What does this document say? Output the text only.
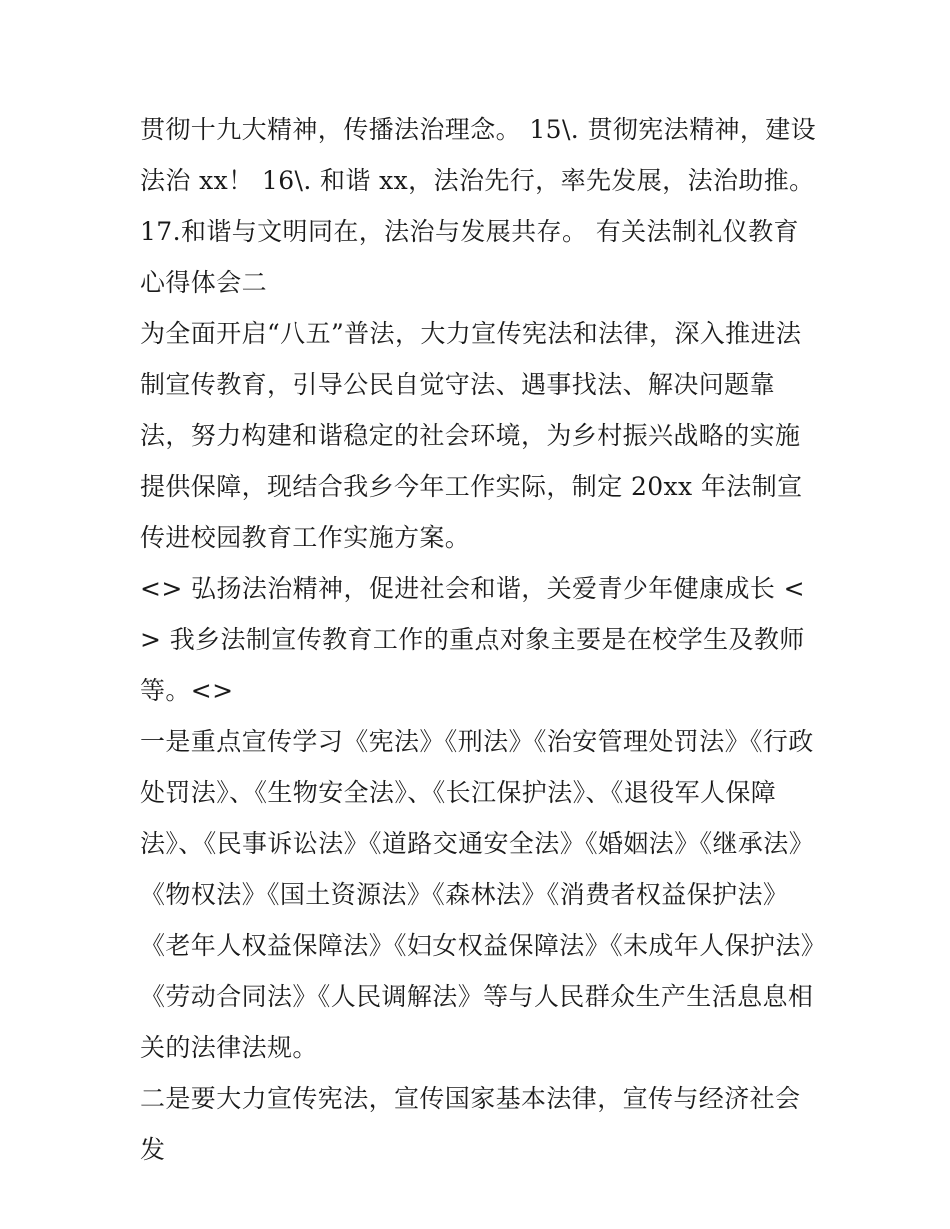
贯彻十九大精神，传播法治理念。 15\. 贯彻宪法精神，建设法治 xx！ 16\. 和谐 xx，法治先行，率先发展，法治助推。

17.和谐与文明同在，法治与发展共存。 有关法制礼仪教育心得体会二

为全面开启“八五”普法，大力宣传宪法和法律，深入推进法制宣传教育，引导公民自觉守法、遇事找法、解决问题靠法，努力构建和谐稳定的社会环境，为乡村振兴战略的实施提供保障，现结合我乡今年工作实际，制定 20xx 年法制宣传进校园教育工作实施方案。

<> 弘扬法治精神，促进社会和谐，关爱青少年健康成长 <> 我乡法制宣传教育工作的重点对象主要是在校学生及教师等。<>

一是重点宣传学习《宪法》《刑法》《治安管理处罚法》《行政处罚法》、《生物安全法》、《长江保护法》、《退役军人保障法》、《民事诉讼法》《道路交通安全法》《婚姻法》《继承法》《物权法》《国土资源法》《森林法》《消费者权益保护法》《老年人权益保障法》《妇女权益保障法》《未成年人保护法》《劳动合同法》《人民调解法》等与人民群众生产生活息息相关的法律法规。

二是要大力宣传宪法，宣传国家基本法律，宣传与经济社会发
